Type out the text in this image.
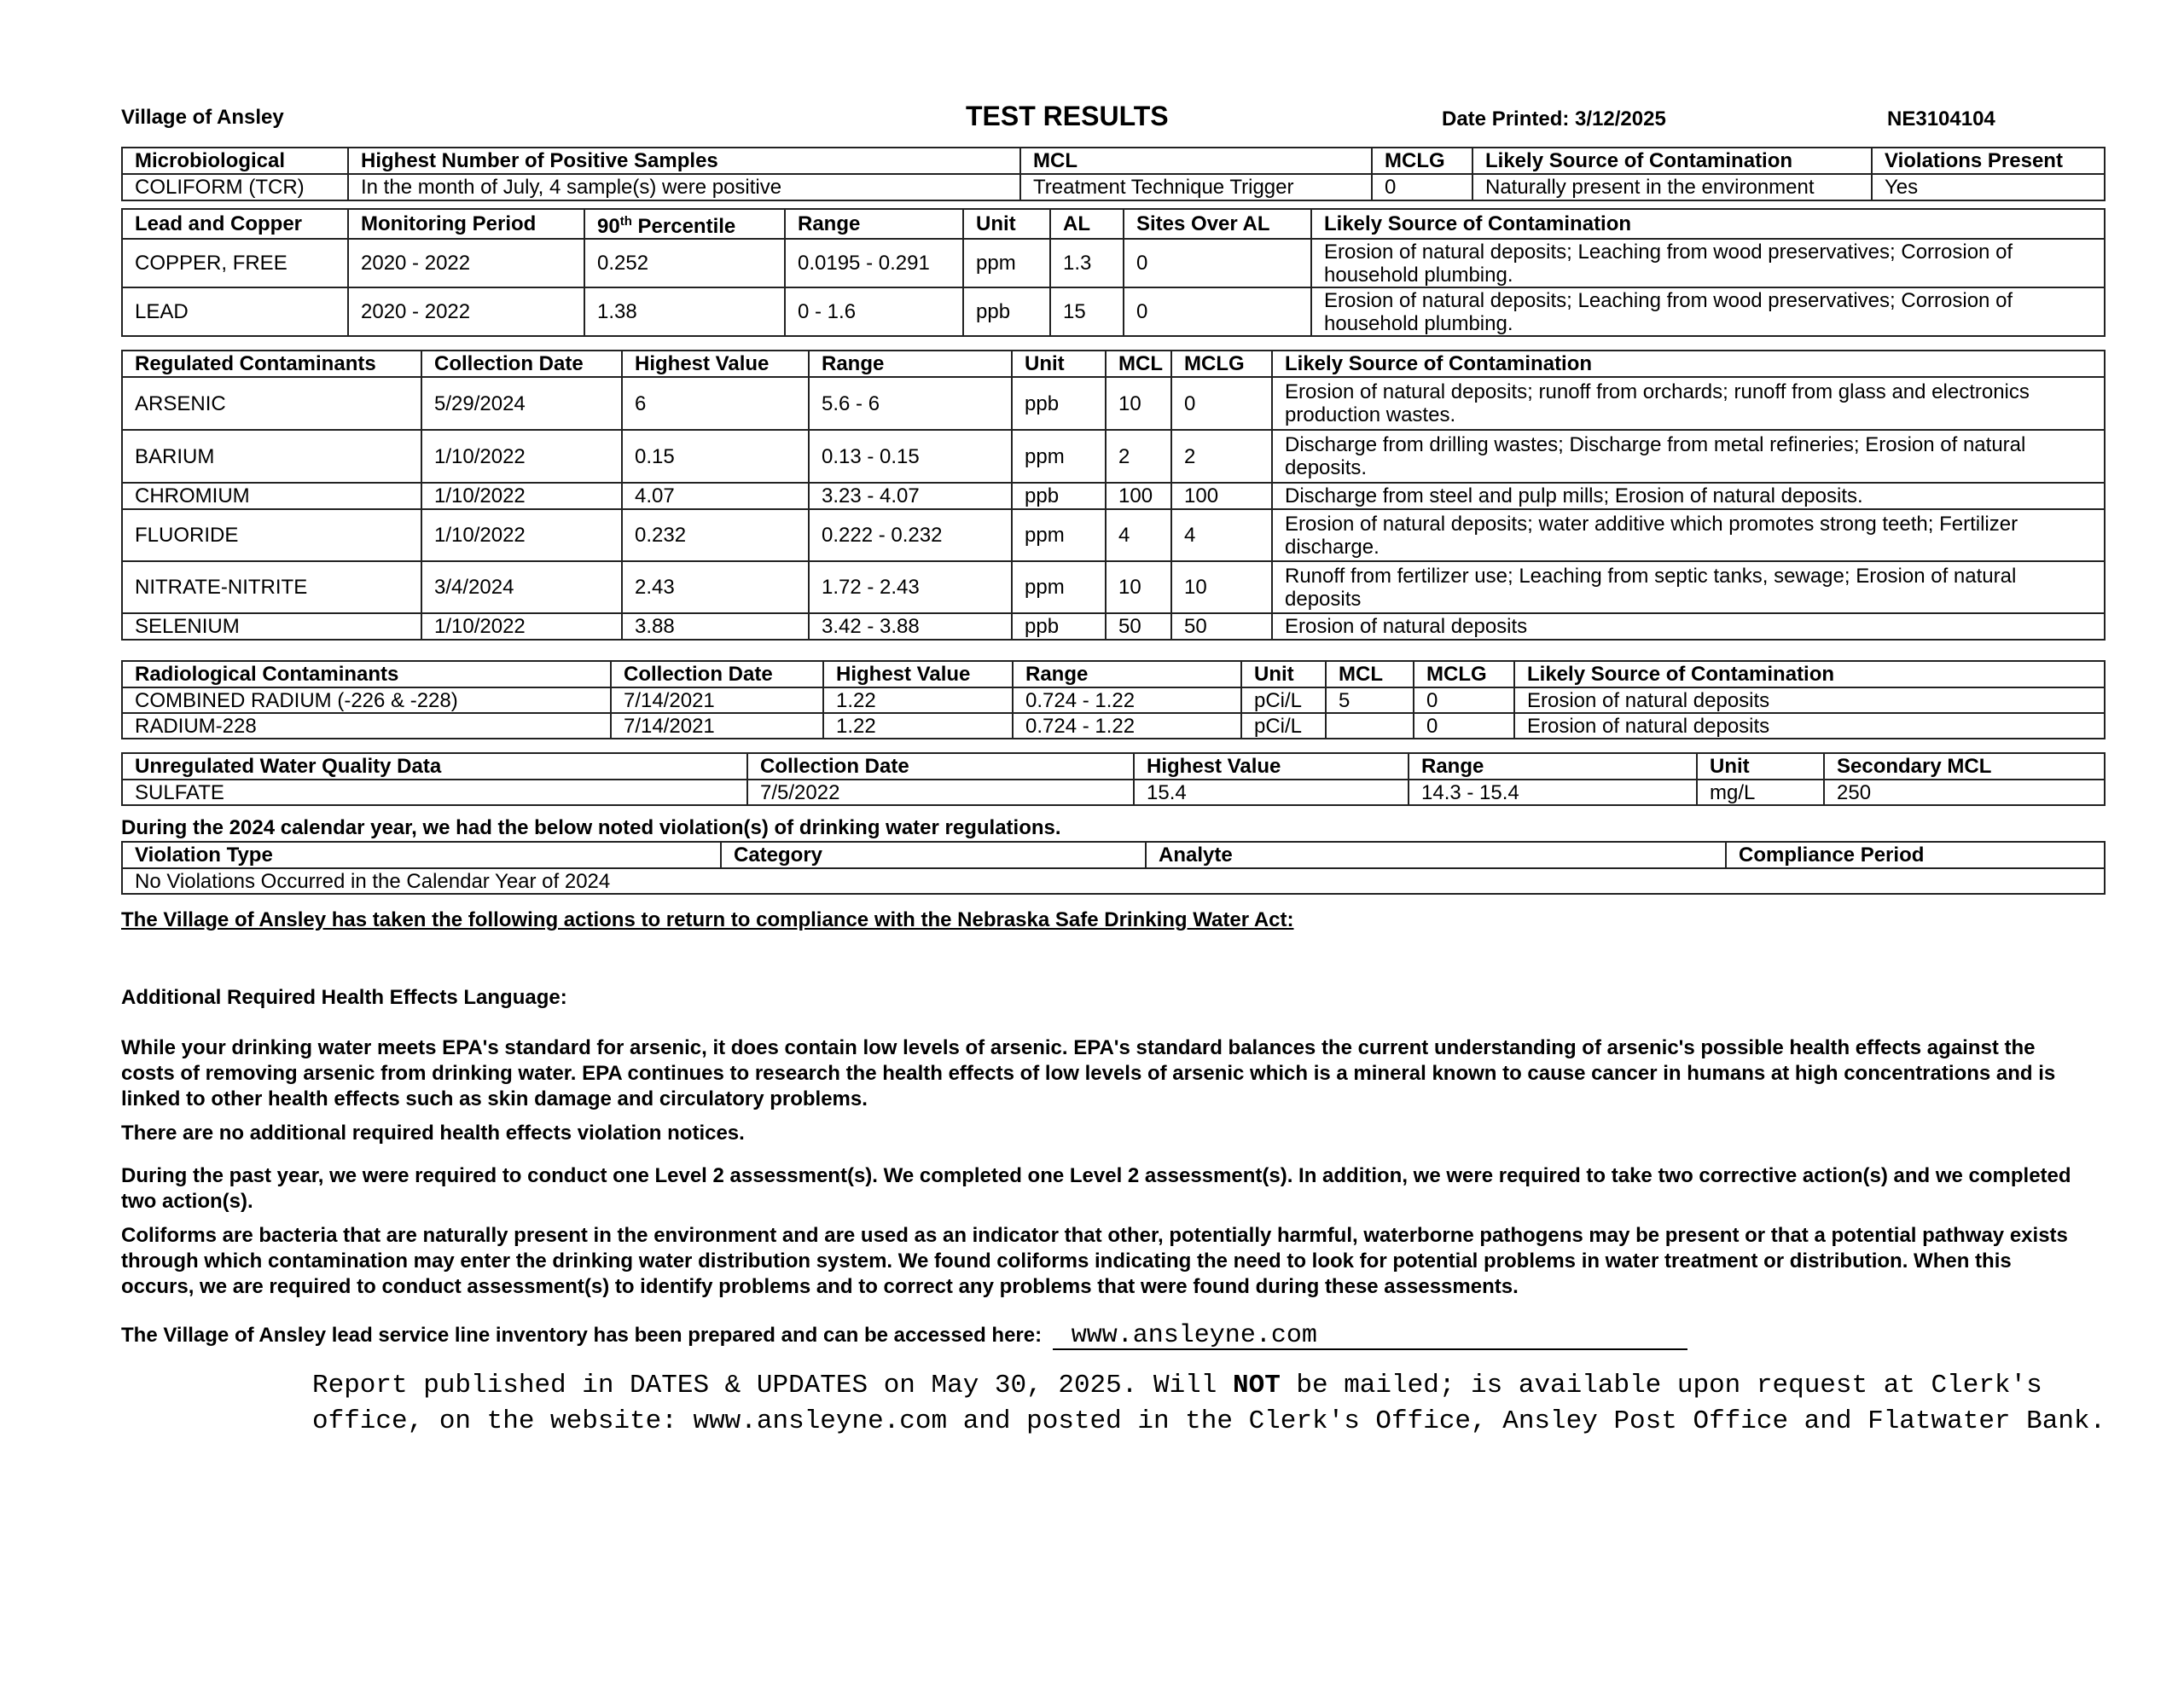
Village of Ansley	TEST RESULTS	Date Printed: 3/12/2025	NE3104104
Microbiological	Highest Number of Positive Samples	MCL	MCLG	Likely Source of Contamination	Violations Present
COLIFORM (TCR)	In the month of July, 4 sample(s) were positive	Treatment Technique Trigger	0	Naturally present in the environment	Yes
Lead and Copper	Monitoring Period	90th Percentile	Range	Unit	AL	Sites Over AL	Likely Source of Contamination
COPPER, FREE	2020 - 2022	0.252	0.0195 - 0.291	ppm	1.3	0	Erosion of natural deposits; Leaching from wood preservatives; Corrosion of household plumbing.
LEAD	2020 - 2022	1.38	0 - 1.6	ppb	15	0	Erosion of natural deposits; Leaching from wood preservatives; Corrosion of household plumbing.
Regulated Contaminants	Collection Date	Highest Value	Range	Unit	MCL	MCLG	Likely Source of Contamination
ARSENIC	5/29/2024	6	5.6 - 6	ppb	10	0	Erosion of natural deposits; runoff from orchards; runoff from glass and electronics production wastes.
BARIUM	1/10/2022	0.15	0.13 - 0.15	ppm	2	2	Discharge from drilling wastes; Discharge from metal refineries; Erosion of natural deposits.
CHROMIUM	1/10/2022	4.07	3.23 - 4.07	ppb	100	100	Discharge from steel and pulp mills; Erosion of natural deposits.
FLUORIDE	1/10/2022	0.232	0.222 - 0.232	ppm	4	4	Erosion of natural deposits; water additive which promotes strong teeth; Fertilizer discharge.
NITRATE-NITRITE	3/4/2024	2.43	1.72 - 2.43	ppm	10	10	Runoff from fertilizer use; Leaching from septic tanks, sewage; Erosion of natural deposits
SELENIUM	1/10/2022	3.88	3.42 - 3.88	ppb	50	50	Erosion of natural deposits
Radiological Contaminants	Collection Date	Highest Value	Range	Unit	MCL	MCLG	Likely Source of Contamination
COMBINED RADIUM (-226 & -228)	7/14/2021	1.22	0.724 - 1.22	pCi/L	5	0	Erosion of natural deposits
RADIUM-228	7/14/2021	1.22	0.724 - 1.22	pCi/L		0	Erosion of natural deposits
Unregulated Water Quality Data	Collection Date	Highest Value	Range	Unit	Secondary MCL
SULFATE	7/5/2022	15.4	14.3 - 15.4	mg/L	250
During the 2024 calendar year, we had the below noted violation(s) of drinking water regulations.
Violation Type	Category	Analyte	Compliance Period
No Violations Occurred in the Calendar Year of 2024
The Village of Ansley has taken the following actions to return to compliance with the Nebraska Safe Drinking Water Act:
Additional Required Health Effects Language:
While your drinking water meets EPA's standard for arsenic, it does contain low levels of arsenic. EPA's standard balances the current understanding of arsenic's possible health effects against the costs of removing arsenic from drinking water. EPA continues to research the health effects of low levels of arsenic which is a mineral known to cause cancer in humans at high concentrations and is linked to other health effects such as skin damage and circulatory problems.
There are no additional required health effects violation notices.
During the past year, we were required to conduct one Level 2 assessment(s). We completed one Level 2 assessment(s). In addition, we were required to take two corrective action(s) and we completed two action(s).
Coliforms are bacteria that are naturally present in the environment and are used as an indicator that other, potentially harmful, waterborne pathogens may be present or that a potential pathway exists through which contamination may enter the drinking water distribution system. We found coliforms indicating the need to look for potential problems in water treatment or distribution. When this occurs, we are required to conduct assessment(s) to identify problems and to correct any problems that were found during these assessments.
The Village of Ansley lead service line inventory has been prepared and can be accessed here: www.ansleyne.com
Report published in DATES & UPDATES on May 30, 2025. Will NOT be mailed; is available upon request at Clerk's office, on the website: www.ansleyne.com and posted in the Clerk's Office, Ansley Post Office and Flatwater Bank.
